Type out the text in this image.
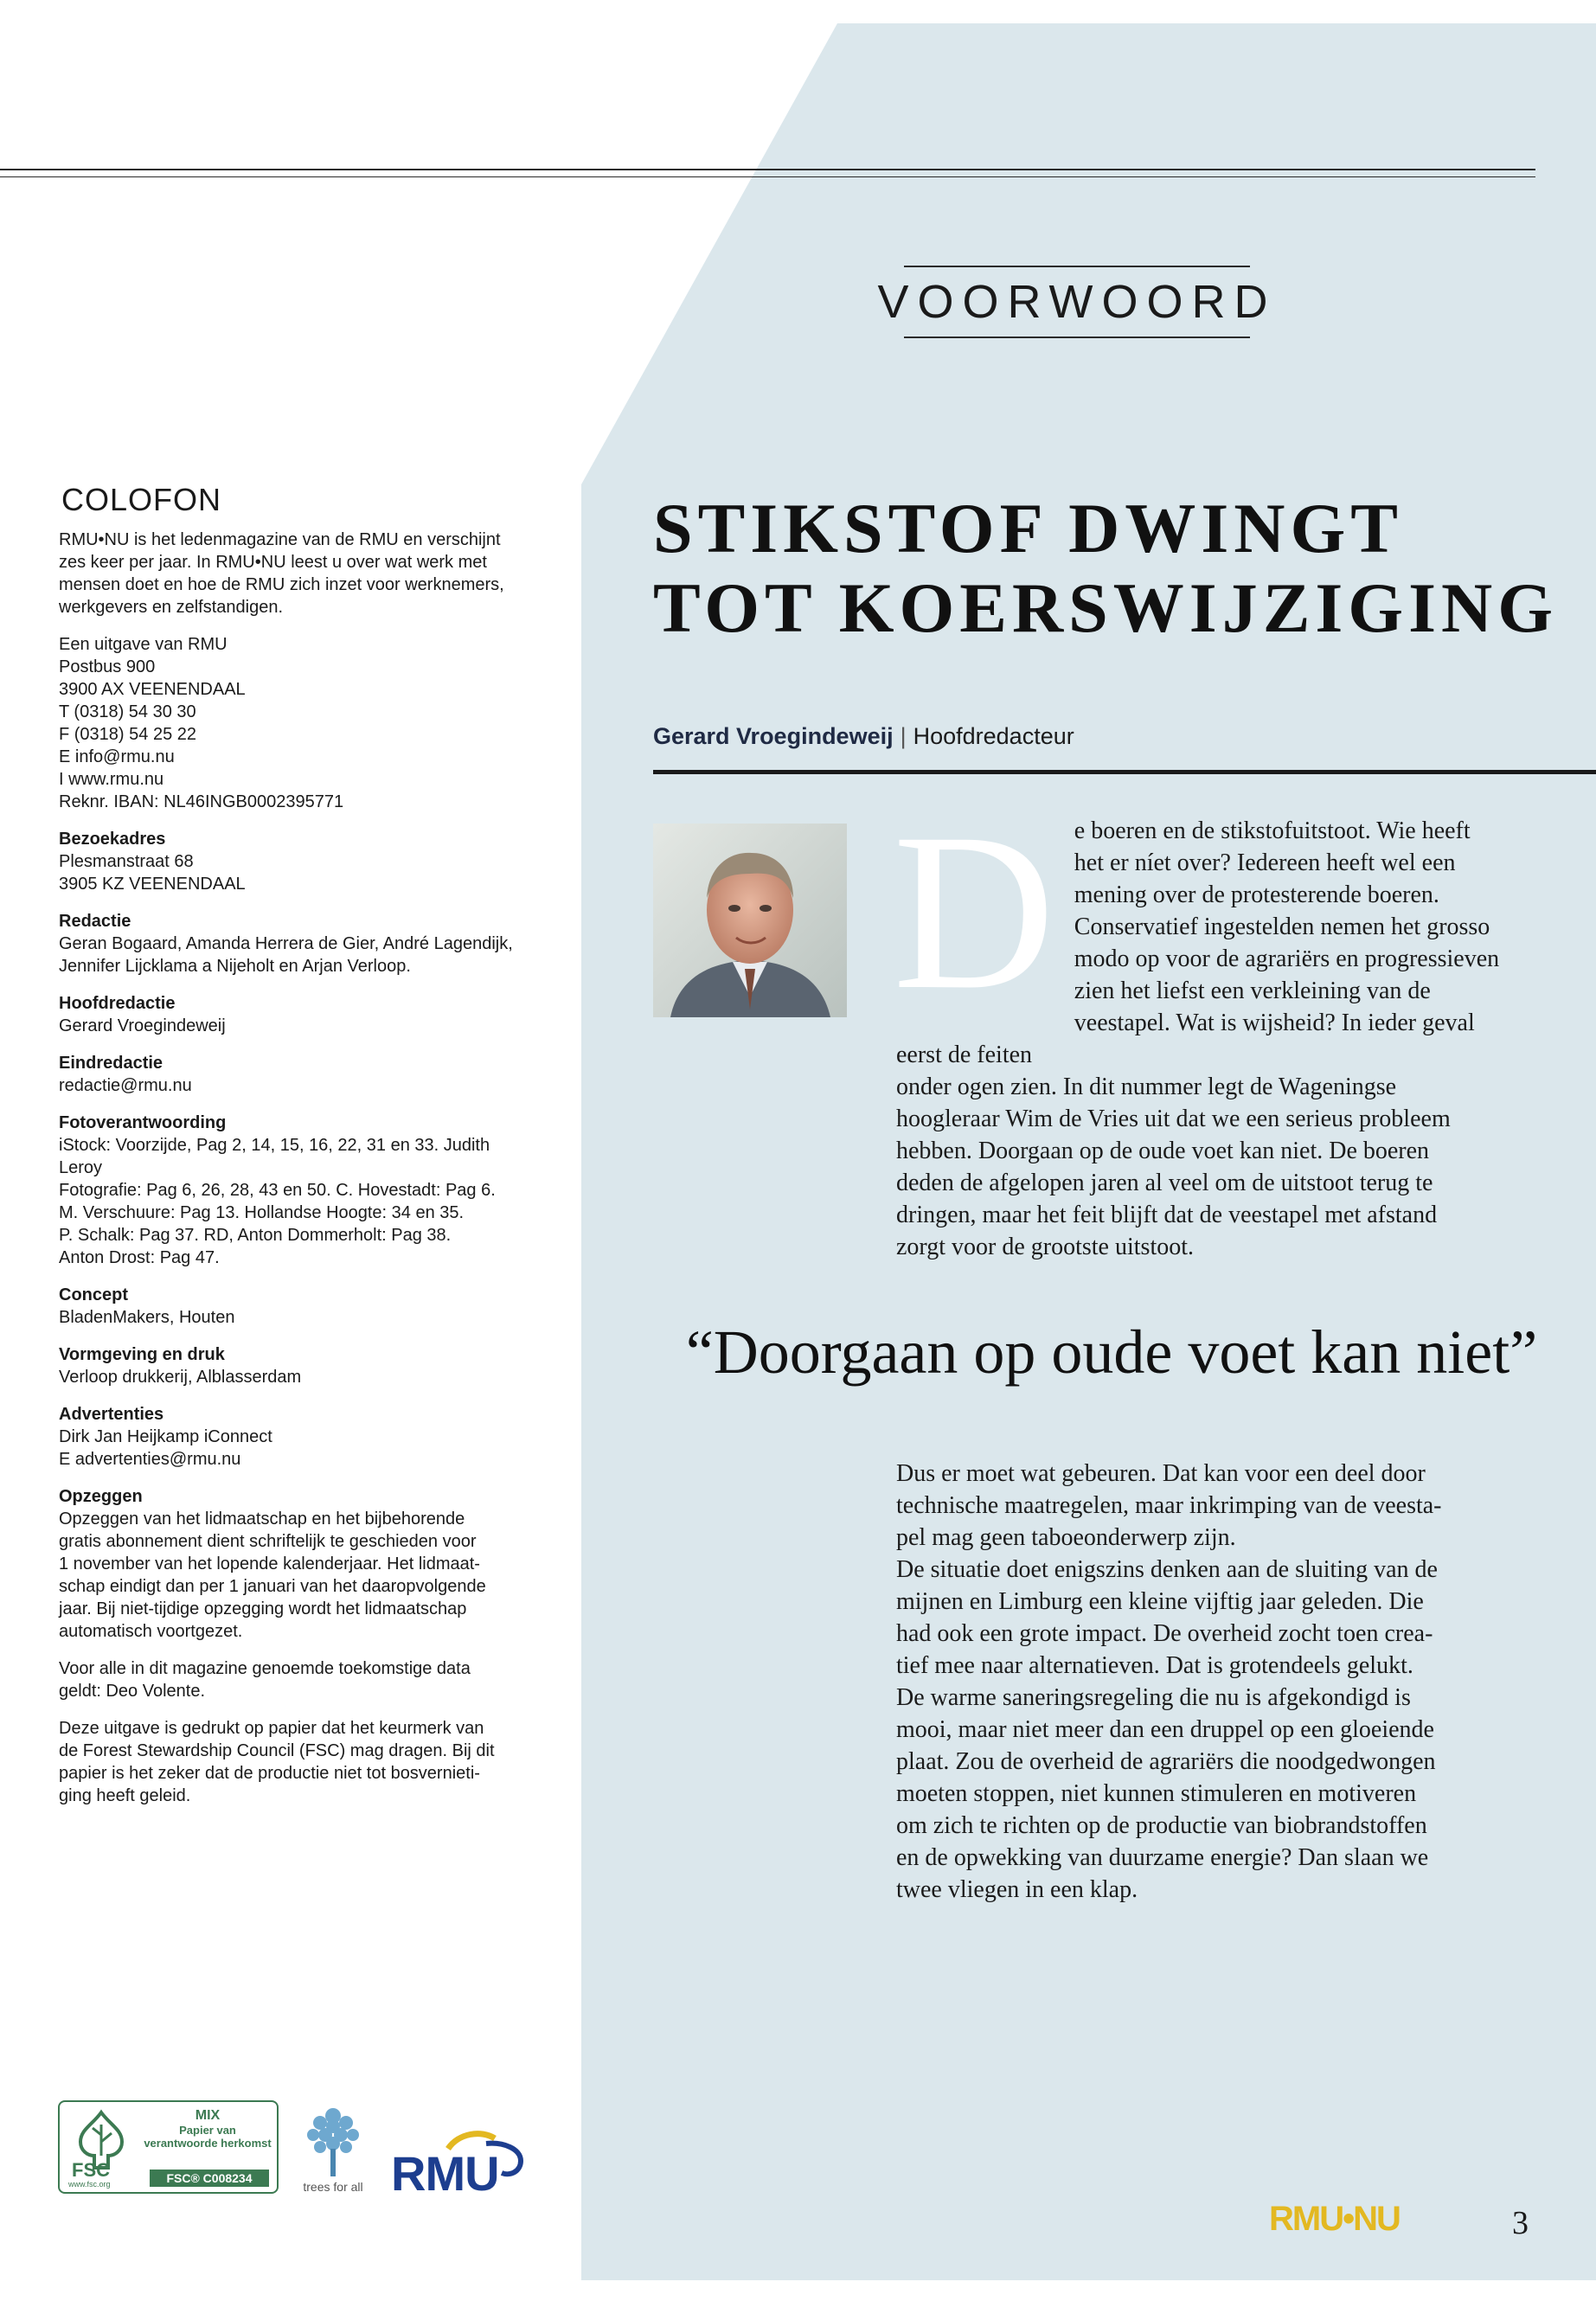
VOORWOORD
COLOFON
RMU•NU is het ledenmagazine van de RMU en verschijnt
zes keer per jaar. In RMU•NU leest u over wat werk met
mensen doet en hoe de RMU zich inzet voor werknemers,
werkgevers en zelfstandigen.
Een uitgave van RMU
Postbus 900
3900 AX VEENENDAAL
T (0318) 54 30 30
F (0318) 54 25 22
E info@rmu.nu
I www.rmu.nu
Reknr. IBAN: NL46INGB0002395771
Bezoekadres
Plesmanstraat 68
3905 KZ VEENENDAAL
Redactie
Geran Bogaard, Amanda Herrera de Gier, André Lagendijk,
Jennifer Lijcklama a Nijeholt en Arjan Verloop.
Hoofdredactie
Gerard Vroegindeweij
Eindredactie
redactie@rmu.nu
Fotoverantwoording
iStock: Voorzijde, Pag 2, 14, 15, 16, 22, 31 en 33. Judith Leroy
Fotografie: Pag 6, 26, 28, 43 en 50. C. Hovestadt: Pag 6.
M. Verschuure: Pag 13. Hollandse Hoogte: 34 en 35.
P. Schalk: Pag 37. RD, Anton Dommerholt: Pag 38.
Anton Drost: Pag 47.
Concept
BladenMakers, Houten
Vormgeving en druk
Verloop drukkerij, Alblasserdam
Advertenties
Dirk Jan Heijkamp iConnect
E advertenties@rmu.nu
Opzeggen
Opzeggen van het lidmaatschap en het bijbehorende
gratis abonnement dient schriftelijk te geschieden voor
1 november van het lopende kalenderjaar. Het lidmaat-
schap eindigt dan per 1 januari van het daaropvolgende
jaar. Bij niet-tijdige opzegging wordt het lidmaatschap
automatisch voortgezet.
Voor alle in dit magazine genoemde toekomstige data
geldt: Deo Volente.
Deze uitgave is gedrukt op papier dat het keurmerk van
de Forest Stewardship Council (FSC) mag dragen. Bij dit
papier is het zeker dat de productie niet tot bosvernieti-
ging heeft geleid.
STIKSTOF DWINGT
TOT KOERSWIJZIGING
Gerard Vroegindeweij | Hoofdredacteur
D e boeren en de stikstofuitstoot. Wie heeft
het er níet over? Iedereen heeft wel een
mening over de protesterende boeren.
Conservatief ingestelden nemen het grosso
modo op voor de agrariërs en progressieven
zien het liefst een verkleining van de
veestapel. Wat is wijsheid? In ieder geval eerst de feiten
onder ogen zien. In dit nummer legt de Wageningse
hoogleraar Wim de Vries uit dat we een serieus probleem
hebben. Doorgaan op de oude voet kan niet. De boeren
deden de afgelopen jaren al veel om de uitstoot terug te
dringen, maar het feit blijft dat de veestapel met afstand
zorgt voor de grootste uitstoot.
“Doorgaan op oude voet kan niet”
Dus er moet wat gebeuren. Dat kan voor een deel door
technische maatregelen, maar inkrimping van de veesta-
pel mag geen taboeonderwerp zijn.
De situatie doet enigszins denken aan de sluiting van de
mijnen en Limburg een kleine vijftig jaar geleden. Die
had ook een grote impact. De overheid zocht toen crea-
tief mee naar alternatieven. Dat is grotendeels gelukt.
De warme saneringsregeling die nu is afgekondigd is
mooi, maar niet meer dan een druppel op een gloeiende
plaat. Zou de overheid de agrariërs die noodgedwongen
moeten stoppen, niet kunnen stimuleren en motiveren
om zich te richten op de productie van biobrandstoffen
en de opwekking van duurzame energie? Dan slaan we
twee vliegen in een klap.
FSC
www.fsc.org
MIX
Papier van
verantwoorde herkomst
FSC® C008234
trees for all RMU
RMU•NU	3
